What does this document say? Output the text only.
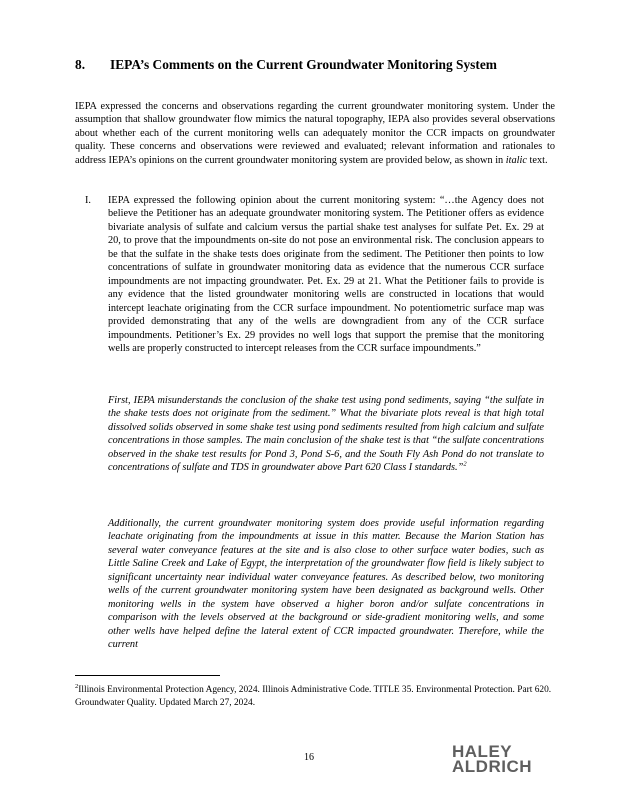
8. IEPA’s Comments on the Current Groundwater Monitoring System
IEPA expressed the concerns and observations regarding the current groundwater monitoring system. Under the assumption that shallow groundwater flow mimics the natural topography, IEPA also provides several observations about whether each of the current monitoring wells can adequately monitor the CCR impacts on groundwater quality. These concerns and observations were reviewed and evaluated; relevant information and rationales to address IEPA’s opinions on the current groundwater monitoring system are provided below, as shown in italic text.
I. IEPA expressed the following opinion about the current monitoring system: “…the Agency does not believe the Petitioner has an adequate groundwater monitoring system. The Petitioner offers as evidence bivariate analysis of sulfate and calcium versus the partial shake test analyses for sulfate Pet. Ex. 29 at 20, to prove that the impoundments on-site do not pose an environmental risk. The conclusion appears to be that the sulfate in the shake tests does originate from the sediment. The Petitioner then points to low concentrations of sulfate in groundwater monitoring data as evidence that the numerous CCR surface impoundments are not impacting groundwater. Pet. Ex. 29 at 21. What the Petitioner fails to provide is any evidence that the listed groundwater monitoring wells are constructed in locations that would intercept leachate originating from the CCR surface impoundment. No potentiometric surface map was provided demonstrating that any of the wells are downgradient from any of the CCR surface impoundments. Petitioner’s Ex. 29 provides no well logs that support the premise that the monitoring wells are properly constructed to intercept releases from the CCR surface impoundments.”
First, IEPA misunderstands the conclusion of the shake test using pond sediments, saying “the sulfate in the shake tests does not originate from the sediment.” What the bivariate plots reveal is that high total dissolved solids observed in some shake test using pond sediments resulted from high calcium and sulfate concentrations in those samples. The main conclusion of the shake test is that “the sulfate concentrations observed in the shake test results for Pond 3, Pond S-6, and the South Fly Ash Pond do not translate to concentrations of sulfate and TDS in groundwater above Part 620 Class I standards.”$^2$
Additionally, the current groundwater monitoring system does provide useful information regarding leachate originating from the impoundments at issue in this matter. Because the Marion Station has several water conveyance features at the site and is also close to other surface water bodies, such as Little Saline Creek and Lake of Egypt, the interpretation of the groundwater flow field is likely subject to significant uncertainty near individual water conveyance features. As described below, two monitoring wells of the current groundwater monitoring system have been designated as background wells. Other monitoring wells in the system have observed a higher boron and/or sulfate concentrations in comparison with the levels observed at the background or side-gradient monitoring wells, and some other wells have helped define the lateral extent of CCR impacted groundwater. Therefore, while the current
$^2$Illinois Environmental Protection Agency, 2024. Illinois Administrative Code. TITLE 35. Environmental Protection. Part 620. Groundwater Quality. Updated March 27, 2024.
16	HALEY
ALDRICH
